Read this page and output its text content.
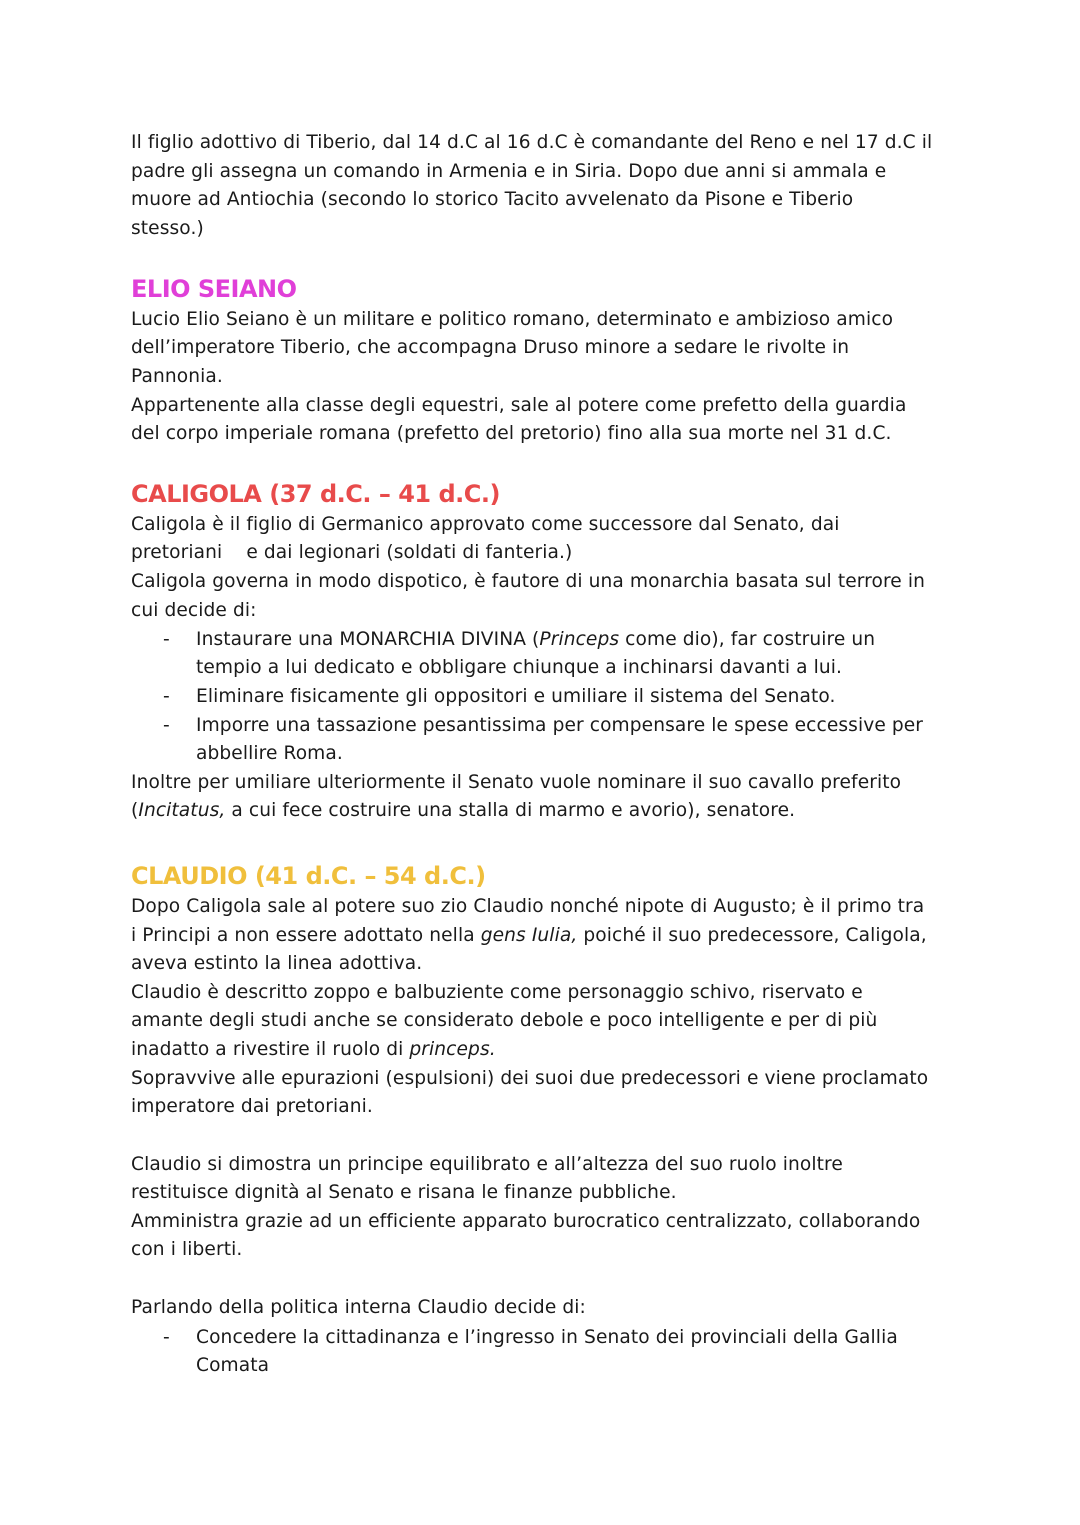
Il figlio adottivo di Tiberio, dal 14 d.C al 16 d.C è comandante del Reno e nel 17 d.C il
padre gli assegna un comando in Armenia e in Siria. Dopo due anni si ammala e
muore ad Antiochia (secondo lo storico Tacito avvelenato da Pisone e Tiberio
stesso.)
ELIO SEIANO
Lucio Elio Seiano è un militare e politico romano, determinato e ambizioso amico
dell’imperatore Tiberio, che accompagna Druso minore a sedare le rivolte in
Pannonia.
Appartenente alla classe degli equestri, sale al potere come prefetto della guardia
del corpo imperiale romana (prefetto del pretorio) fino alla sua morte nel 31 d.C.
CALIGOLA (37 d.C. – 41 d.C.)
Caligola è il figlio di Germanico approvato come successore dal Senato, dai
pretoriani    e dai legionari (soldati di fanteria.)
Caligola governa in modo dispotico, è fautore di una monarchia basata sul terrore in
cui decide di:
- Instaurare una MONARCHIA DIVINA (Princeps come dio), far costruire un
tempio a lui dedicato e obbligare chiunque a inchinarsi davanti a lui.
- Eliminare fisicamente gli oppositori e umiliare il sistema del Senato.
- Imporre una tassazione pesantissima per compensare le spese eccessive per
abbellire Roma.
Inoltre per umiliare ulteriormente il Senato vuole nominare il suo cavallo preferito
(Incitatus, a cui fece costruire una stalla di marmo e avorio), senatore.
CLAUDIO (41 d.C. – 54 d.C.)
Dopo Caligola sale al potere suo zio Claudio nonché nipote di Augusto; è il primo tra
i Principi a non essere adottato nella gens Iulia, poiché il suo predecessore, Caligola,
aveva estinto la linea adottiva.
Claudio è descritto zoppo e balbuziente come personaggio schivo, riservato e
amante degli studi anche se considerato debole e poco intelligente e per di più
inadatto a rivestire il ruolo di princeps.
Sopravvive alle epurazioni (espulsioni) dei suoi due predecessori e viene proclamato
imperatore dai pretoriani.
Claudio si dimostra un principe equilibrato e all’altezza del suo ruolo inoltre
restituisce dignità al Senato e risana le finanze pubbliche.
Amministra grazie ad un efficiente apparato burocratico centralizzato, collaborando
con i liberti.
Parlando della politica interna Claudio decide di:
- Concedere la cittadinanza e l’ingresso in Senato dei provinciali della Gallia
Comata
